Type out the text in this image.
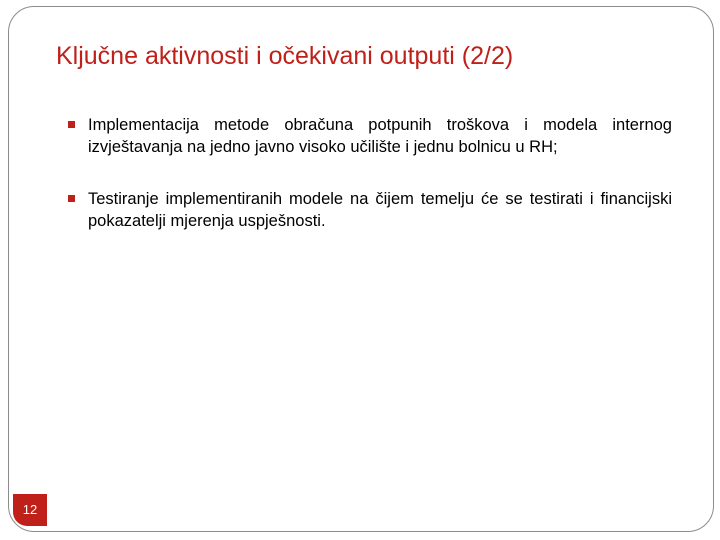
Ključne aktivnosti i očekivani outputi (2/2)
Implementacija metode obračuna potpunih troškova i modela internog izvještavanja na jedno javno visoko učilište i jednu bolnicu u RH;
Testiranje implementiranih modele na čijem temelju će se testirati i financijski pokazatelji mjerenja uspješnosti.
12
